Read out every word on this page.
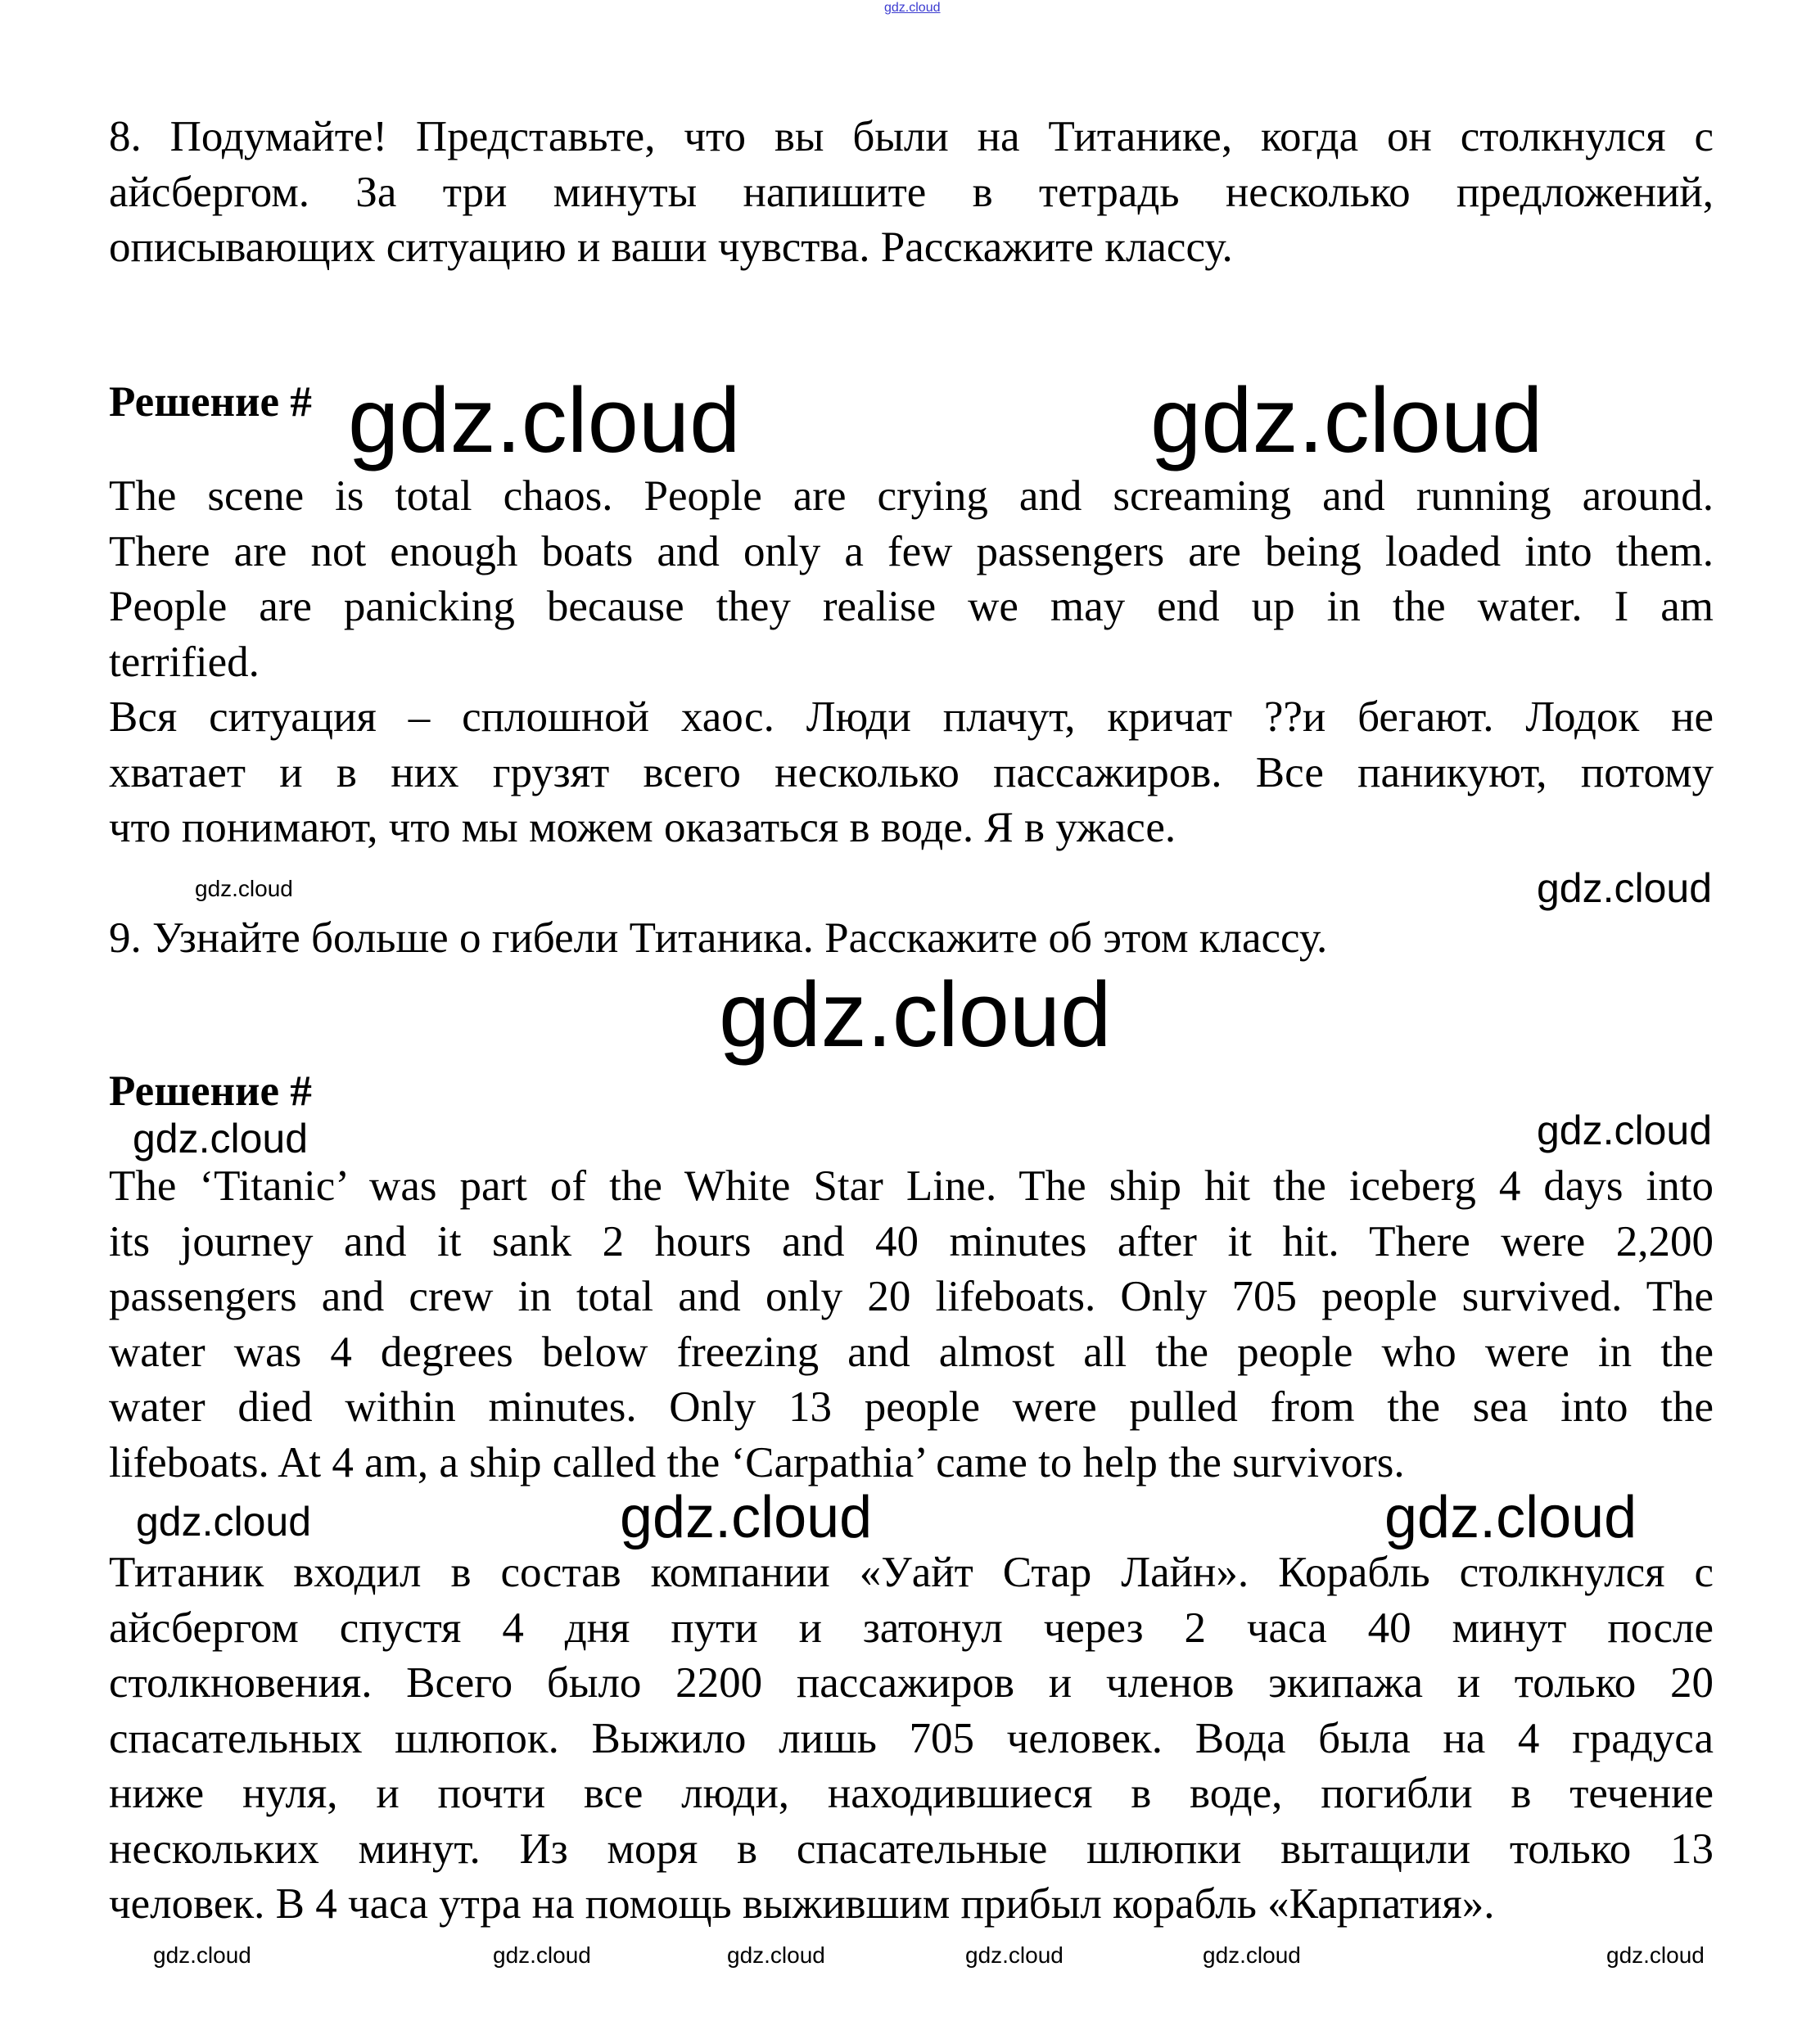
gdz.cloud
8. Подумайте! Представьте, что вы были на Титанике, когда он столкнулся с
айсбергом. За три минуты напишите в тетрадь несколько предложений,
описывающих ситуацию и ваши чувства. Расскажите классу.
Решение # gdz.cloud	gdz.cloud
The scene is total chaos. People are crying and screaming and running around.
There are not enough boats and only a few passengers are being loaded into them.
People are panicking because they realise we may end up in the water. I am
terrified.
Вся ситуация – сплошной хаос. Люди плачут, кричат ??и бегают. Лодок не
хватает и в них грузят всего несколько пассажиров. Все паникуют, потому
что понимают, что мы можем оказаться в воде. Я в ужасе.
gdz.cloud
9. Узнайте больше о гибели Титаника. Расскажите об этом классу.
gdz.cloud
gdz.cloud
Решение #
gdz.cloud	gdz.cloud
The ‘Titanic’ was part of the White Star Line. The ship hit the iceberg 4 days into
its journey and it sank 2 hours and 40 minutes after it hit. There were 2,200
passengers and crew in total and only 20 lifeboats. Only 705 people survived. The
water was 4 degrees below freezing and almost all the people who were in the
water died within minutes. Only 13 people were pulled from the sea into the
lifeboats. At 4 am, a ship called the ‘Carpathia’ came to help the survivors.
gdz.cloud	gdz.cloud	gdz.cloud
Титаник входил в состав компании «Уайт Стар Лайн». Корабль столкнулся с
айсбергом спустя 4 дня пути и затонул через 2 часа 40 минут после
столкновения. Всего было 2200 пассажиров и членов экипажа и только 20
спасательных шлюпок. Выжило лишь 705 человек. Вода была на 4 градуса
ниже нуля, и почти все люди, находившиеся в воде, погибли в течение
нескольких минут. Из моря в спасательные шлюпки вытащили только 13
человек. В 4 часа утра на помощь выжившим прибыл корабль «Карпатия».
gdz.cloud	gdz.cloud	gdz.cloud	gdz.cloud	gdz.cloud	gdz.cloud
